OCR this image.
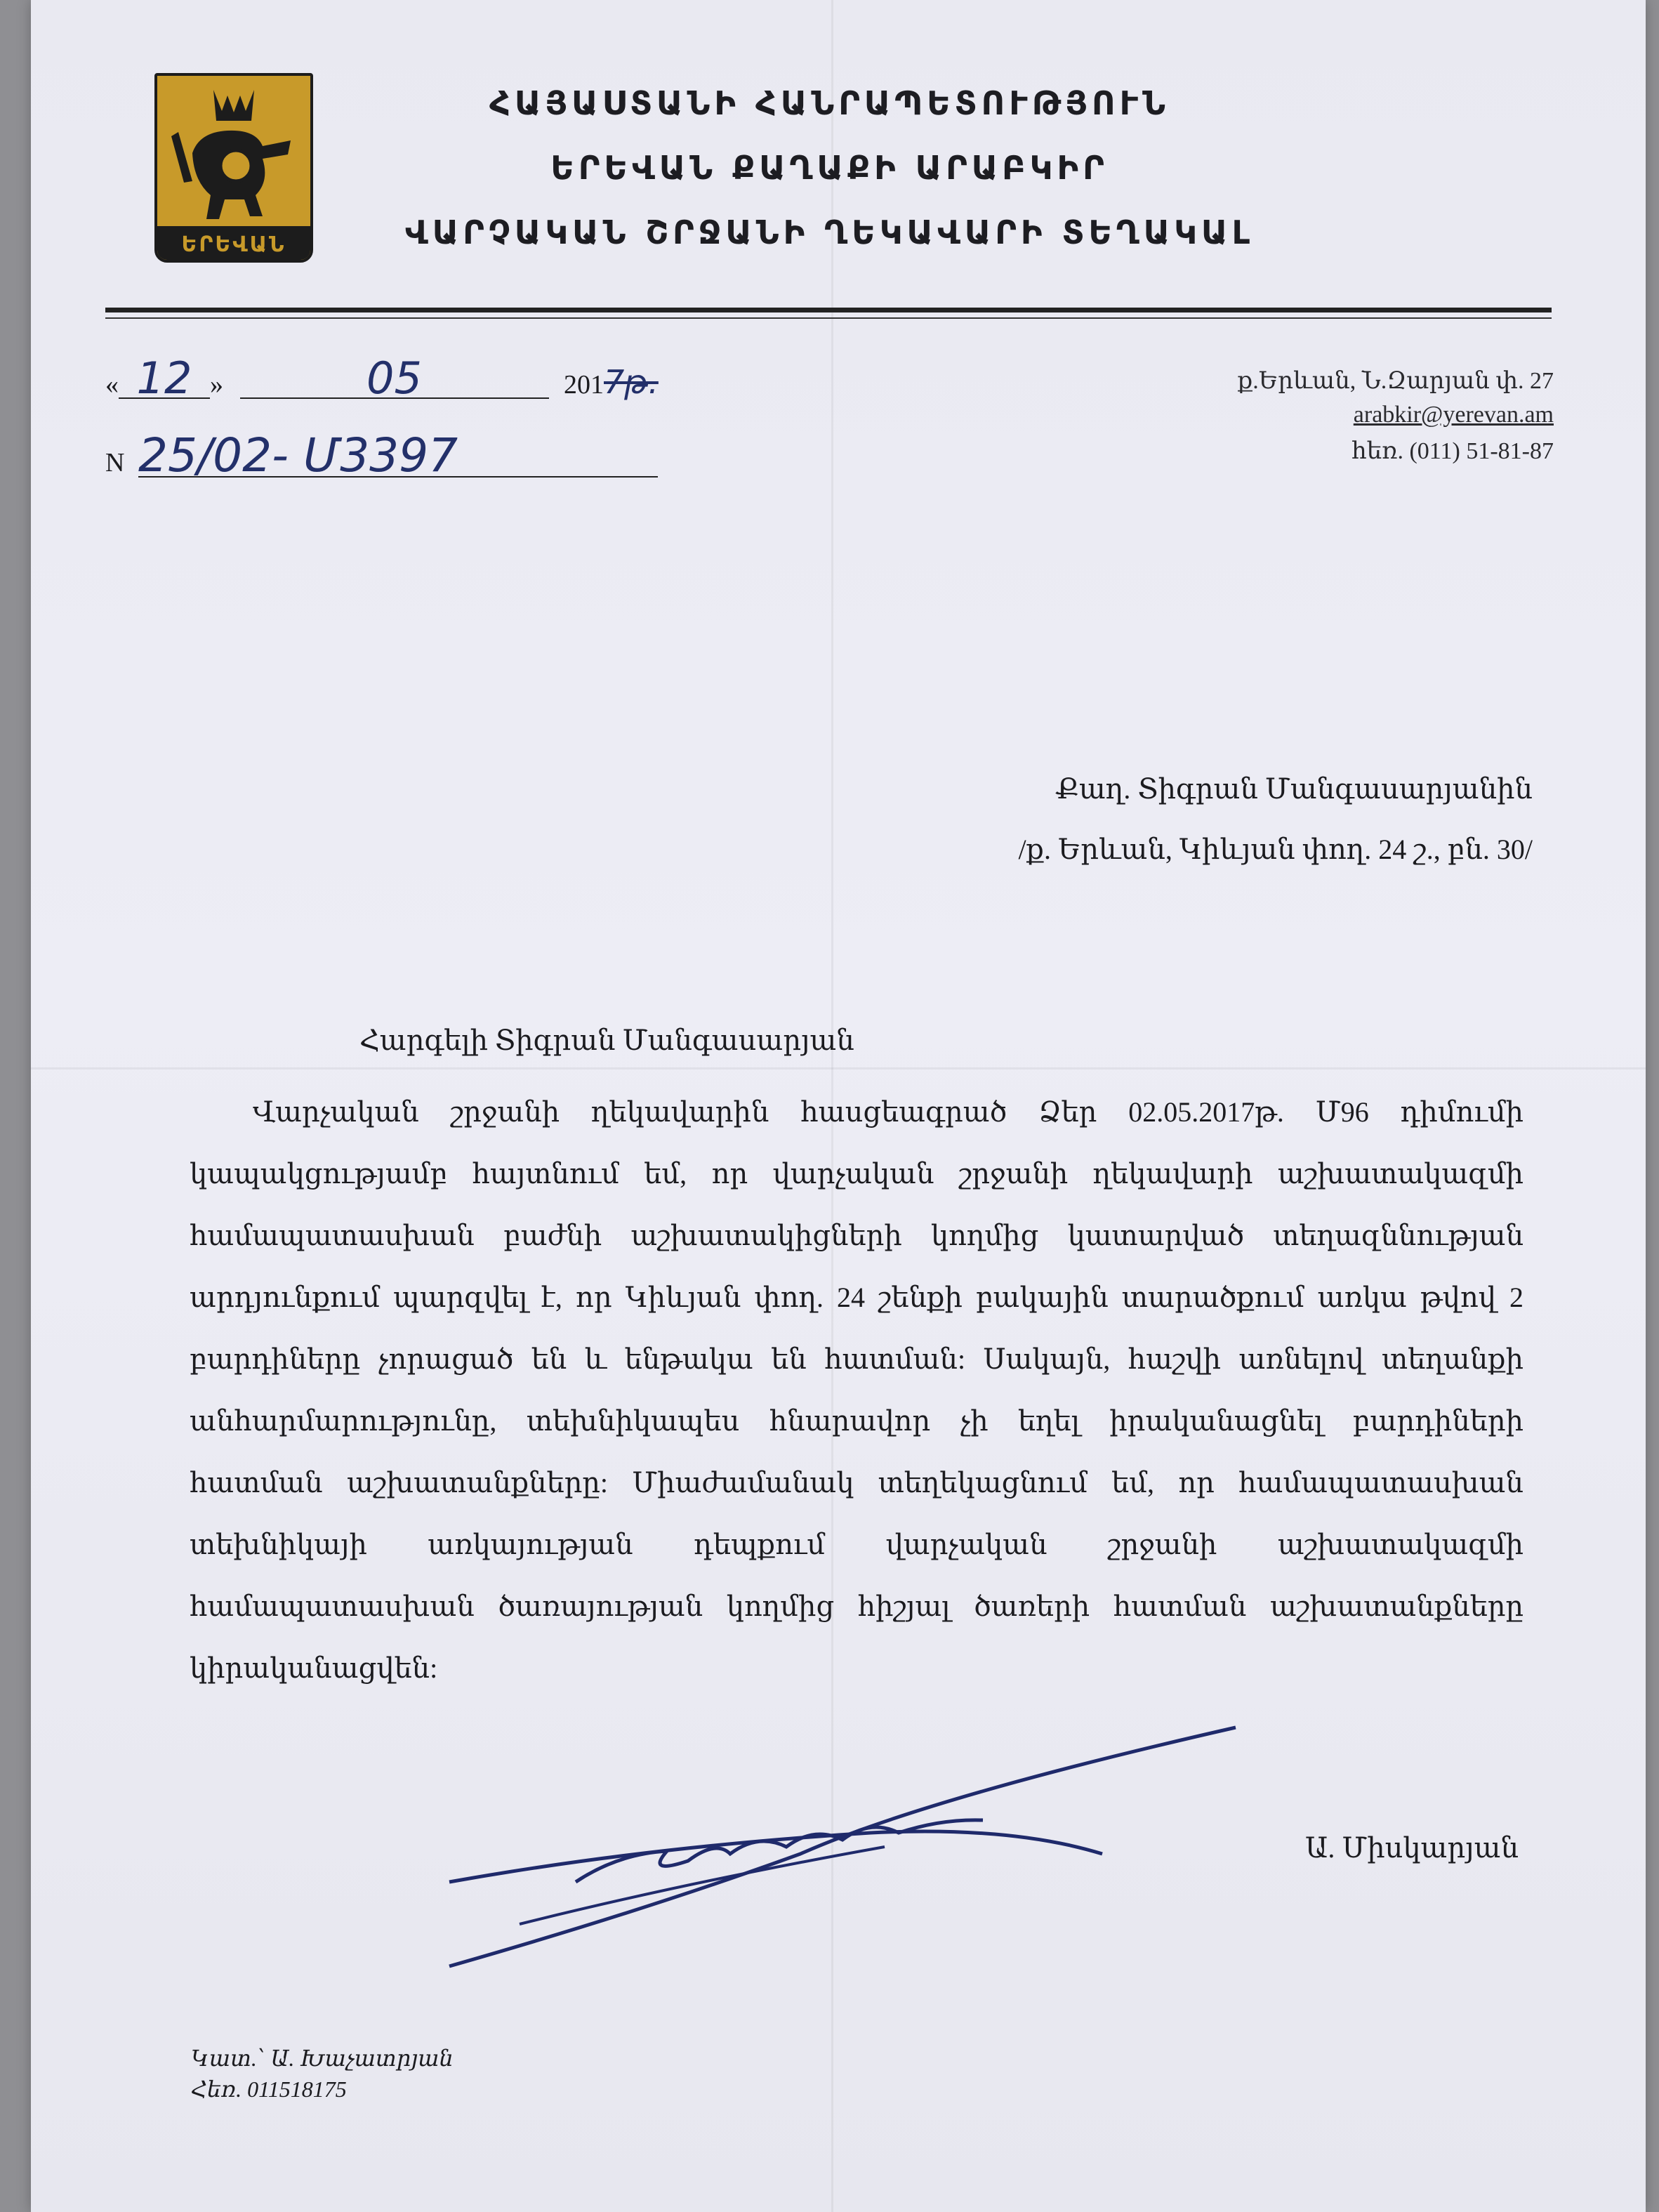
ԵՐԵՎԱՆ
ՀԱՅԱՍՏԱՆԻ ՀԱՆՐԱՊԵՏՈՒԹՅՈՒՆ
ԵՐԵՎԱՆ ՔԱՂԱՔԻ ԱՐԱԲԿԻՐ
ՎԱՐՉԱԿԱՆ ՇՐՋԱՆԻ ՂԵԿԱՎԱՐԻ ՏԵՂԱԿԱԼ
« 12 »	05	2017թ.
N 25/02- Մ3397
ք.Երևան, Ն.Զարյան փ. 27
arabkir@yerevan.am
հեռ. (011) 51-81-87
Քաղ. Տիգրան Մանգասարյանին
/ք. Երևան, Կիևյան փող. 24 շ., բն. 30/
Հարգելի Տիգրան Մանգասարյան
Վարչական շրջանի ղեկավարին հասցեագրած Ձեր 02.05.2017թ. Մ96 դիմումի կապակցությամբ հայտնում եմ, որ վարչական շրջանի ղեկավարի աշխատակազմի համապատասխան բաժնի աշխատակիցների կողմից կատարված տեղազննության արդյունքում պարզվել է, որ Կիևյան փող. 24 շենքի բակային տարածքում առկա թվով 2 բարդիները չորացած են և ենթակա են հատման: Սակայն, հաշվի առնելով տեղանքի անհարմարությունը, տեխնիկապես հնարավոր չի եղել իրականացնել բարդիների հատման աշխատանքները: Միաժամանակ տեղեկացնում եմ, որ համապատասխան տեխնիկայի առկայության դեպքում վարչական շրջանի աշխատակազմի համապատասխան ծառայության կողմից հիշյալ ծառերի հատման աշխատանքները կիրականացվեն:
Ա. Միսկարյան
Կատ.՝ Ա. Խաչատրյան
Հեռ. 011518175
